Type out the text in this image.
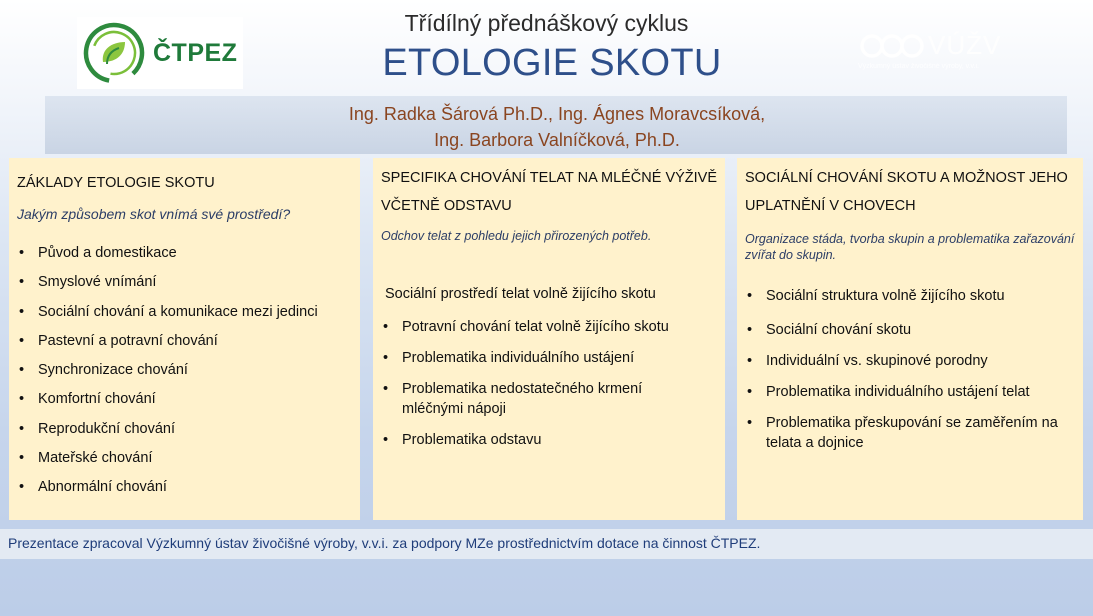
ČTPEZ
Třídílný přednáškový cyklus
ETOLOGIE SKOTU	VÚŽV
Výzkumný ústav živočišné výroby, v.v.i.
Ing. Radka Šárová Ph.D., Ing. Ágnes Moravcsíková,
Ing. Barbora Valníčková, Ph.D.
ZÁKLADY ETOLOGIE SKOTU
Jakým způsobem skot vnímá své prostředí?
• Původ a domestikace
• Smyslové vnímání
• Sociální chování a komunikace mezi jedinci
• Pastevní a potravní chování
• Synchronizace chování
• Komfortní chování
• Reprodukční chování
• Mateřské chování
• Abnormální chování
SPECIFIKA CHOVÁNÍ TELAT NA MLÉČNÉ VÝŽIVĚ VČETNĚ ODSTAVU
Odchov telat z pohledu jejich přirozených potřeb.
Sociální prostředí telat volně žijícího skotu
• Potravní chování telat volně žijícího skotu
• Problematika individuálního ustájení
• Problematika nedostatečného krmení mléčnými nápoji
• Problematika odstavu
SOCIÁLNÍ CHOVÁNÍ SKOTU A MOŽNOST JEHO UPLATNĚNÍ V CHOVECH
Organizace stáda, tvorba skupin a problematika zařazování zvířat do skupin.
• Sociální struktura volně žijícího skotu
• Sociální chování skotu
• Individuální vs. skupinové porodny
• Problematika individuálního ustájení telat
• Problematika přeskupování se zaměřením na telata a dojnice
Prezentace zpracoval Výzkumný ústav živočišné výroby, v.v.i. za podpory MZe prostřednictvím dotace na činnost ČTPEZ.
